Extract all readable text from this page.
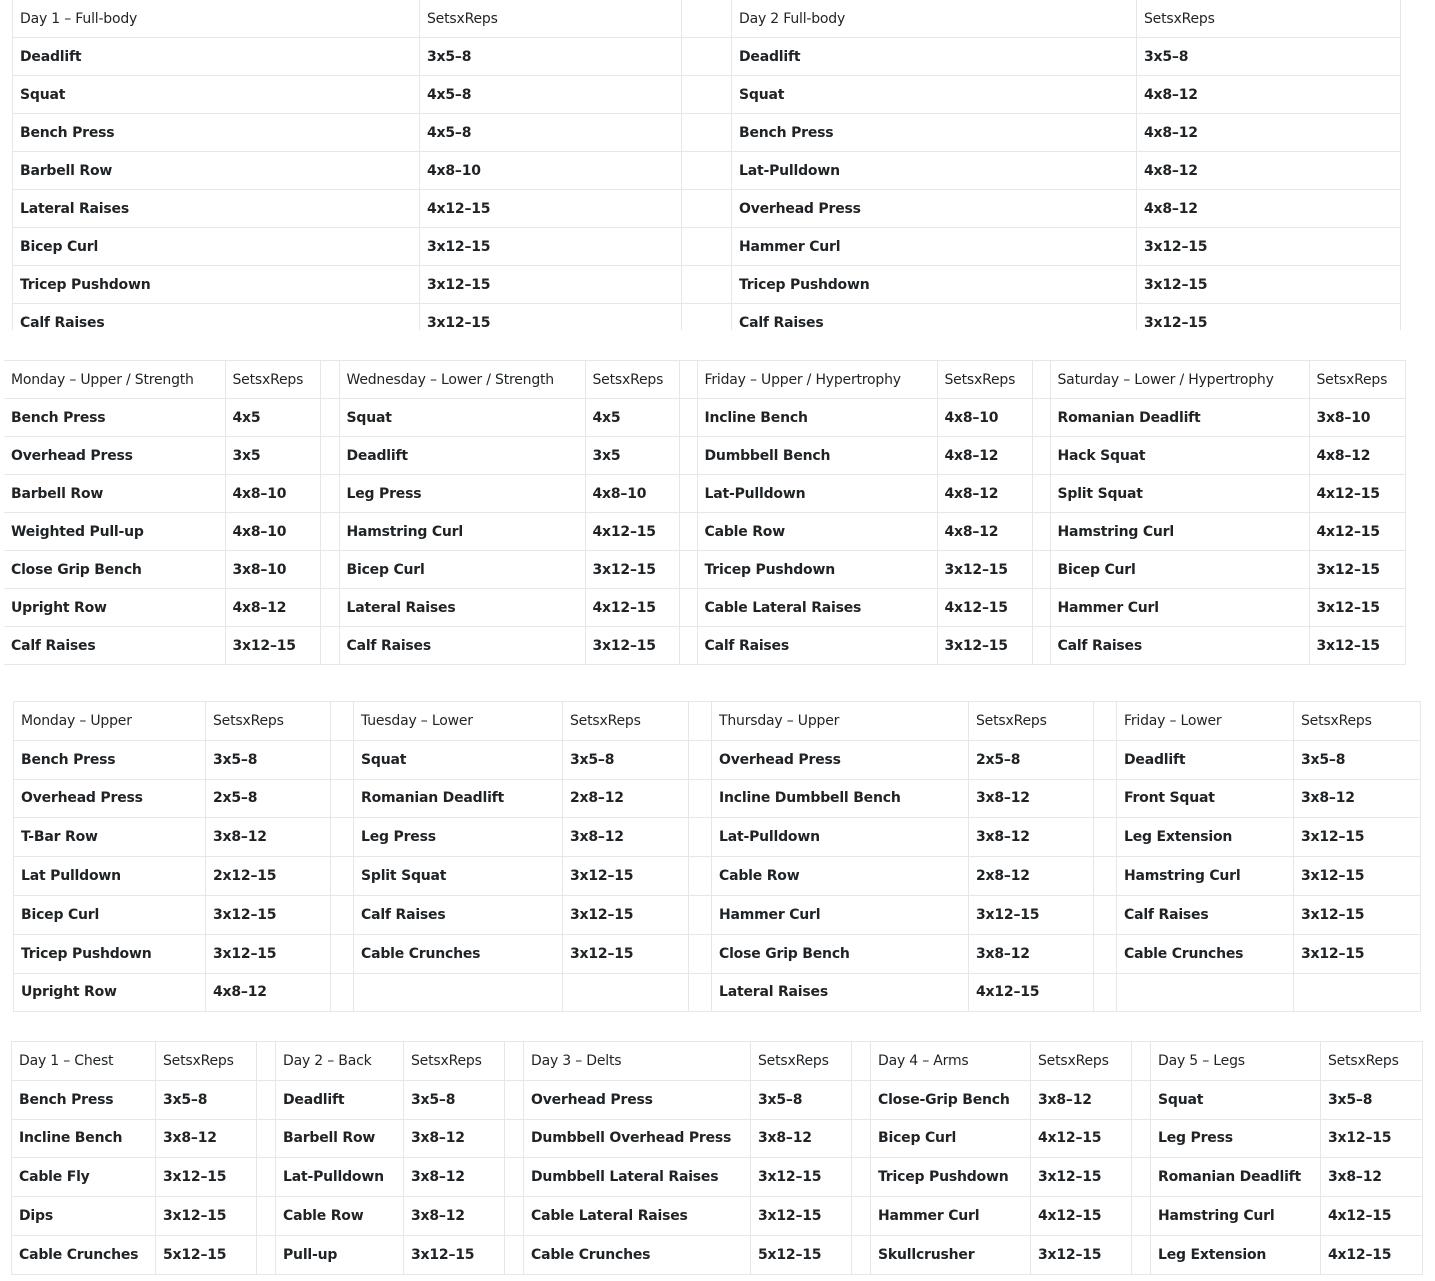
Day 1 – Full-body	SetsxReps		Day 2 Full-body	SetsxReps
Deadlift	3x5–8		Deadlift	3x5–8
Squat	4x5–8		Squat	4x8–12
Bench Press	4x5–8		Bench Press	4x8–12
Barbell Row	4x8–10		Lat-Pulldown	4x8–12
Lateral Raises	4x12–15		Overhead Press	4x8–12
Bicep Curl	3x12–15		Hammer Curl	3x12–15
Tricep Pushdown	3x12–15		Tricep Pushdown	3x12–15
Calf Raises	3x12–15		Calf Raises	3x12–15
Monday – Upper / Strength	SetsxReps		Wednesday – Lower / Strength	SetsxReps		Friday – Upper / Hypertrophy	SetsxReps		Saturday – Lower / Hypertrophy	SetsxReps
Bench Press	4x5		Squat	4x5		Incline Bench	4x8–10		Romanian Deadlift	3x8–10
Overhead Press	3x5		Deadlift	3x5		Dumbbell Bench	4x8–12		Hack Squat	4x8–12
Barbell Row	4x8–10		Leg Press	4x8–10		Lat-Pulldown	4x8–12		Split Squat	4x12–15
Weighted Pull-up	4x8–10		Hamstring Curl	4x12–15		Cable Row	4x8–12		Hamstring Curl	4x12–15
Close Grip Bench	3x8–10		Bicep Curl	3x12–15		Tricep Pushdown	3x12–15		Bicep Curl	3x12–15
Upright Row	4x8–12		Lateral Raises	4x12–15		Cable Lateral Raises	4x12–15		Hammer Curl	3x12–15
Calf Raises	3x12–15		Calf Raises	3x12–15		Calf Raises	3x12–15		Calf Raises	3x12–15
Monday – Upper	SetsxReps		Tuesday – Lower	SetsxReps		Thursday – Upper	SetsxReps		Friday – Lower	SetsxReps
Bench Press	3x5–8		Squat	3x5–8		Overhead Press	2x5–8		Deadlift	3x5–8
Overhead Press	2x5–8		Romanian Deadlift	2x8–12		Incline Dumbbell Bench	3x8–12		Front Squat	3x8–12
T-Bar Row	3x8–12		Leg Press	3x8–12		Lat-Pulldown	3x8–12		Leg Extension	3x12–15
Lat Pulldown	2x12–15		Split Squat	3x12–15		Cable Row	2x8–12		Hamstring Curl	3x12–15
Bicep Curl	3x12–15		Calf Raises	3x12–15		Hammer Curl	3x12–15		Calf Raises	3x12–15
Tricep Pushdown	3x12–15		Cable Crunches	3x12–15		Close Grip Bench	3x8–12		Cable Crunches	3x12–15
Upright Row	4x8–12					Lateral Raises	4x12–15			
Day 1 – Chest	SetsxReps		Day 2 – Back	SetsxReps		Day 3 – Delts	SetsxReps		Day 4 – Arms	SetsxReps		Day 5 – Legs	SetsxReps
Bench Press	3x5–8		Deadlift	3x5–8		Overhead Press	3x5–8		Close-Grip Bench	3x8–12		Squat	3x5–8
Incline Bench	3x8–12		Barbell Row	3x8–12		Dumbbell Overhead Press	3x8–12		Bicep Curl	4x12–15		Leg Press	3x12–15
Cable Fly	3x12–15		Lat-Pulldown	3x8–12		Dumbbell Lateral Raises	3x12–15		Tricep Pushdown	3x12–15		Romanian Deadlift	3x8–12
Dips	3x12–15		Cable Row	3x8–12		Cable Lateral Raises	3x12–15		Hammer Curl	4x12–15		Hamstring Curl	4x12–15
Cable Crunches	5x12–15		Pull-up	3x12–15		Cable Crunches	5x12–15		Skullcrusher	3x12–15		Leg Extension	4x12–15
